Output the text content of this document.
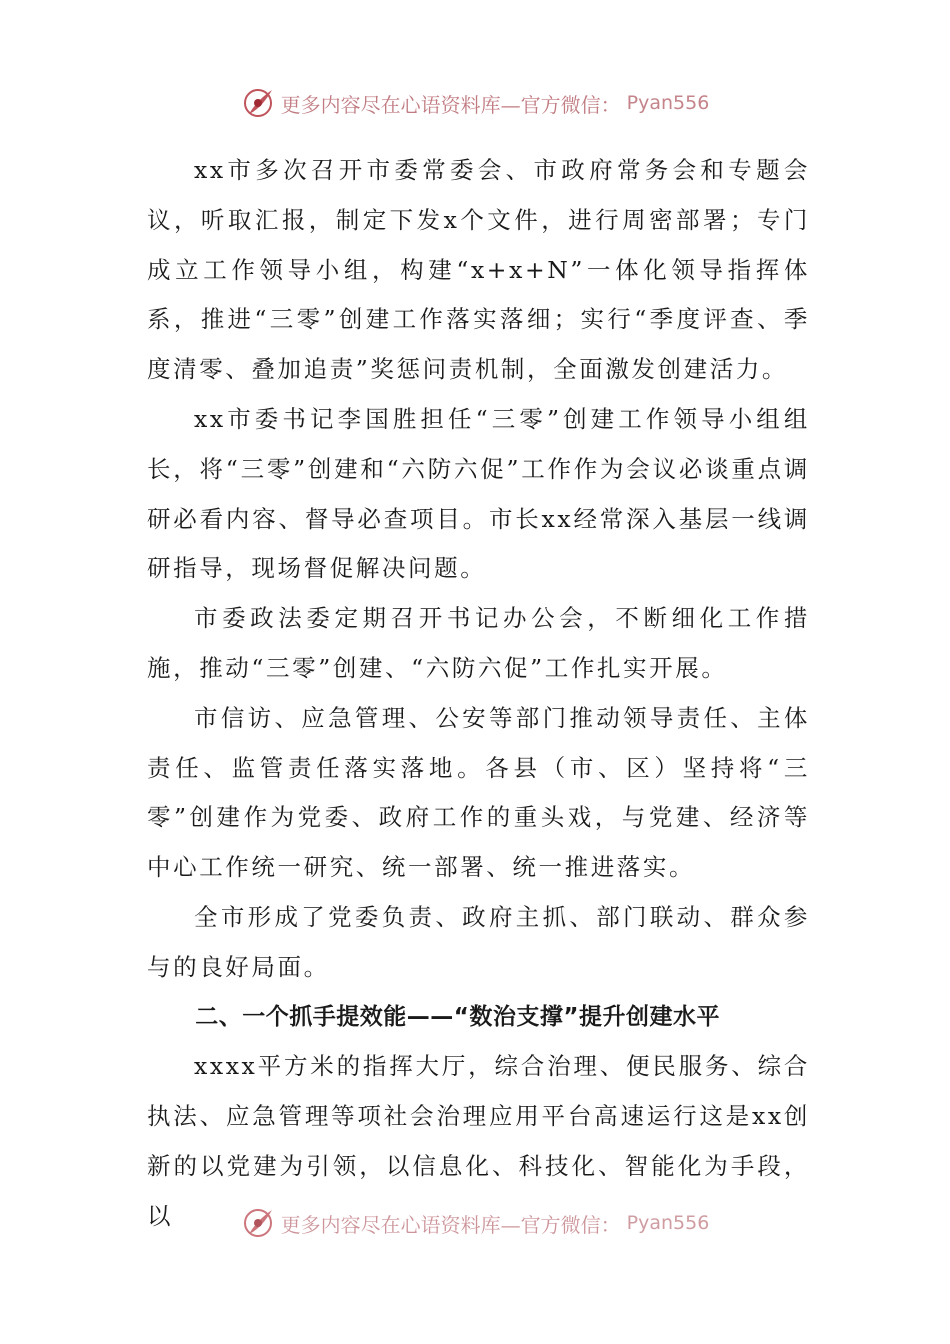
更多内容尽在心语资料库—官方微信： Pyan556

xx市多次召开市委常委会、市政府常务会和专题会议，听取汇报，制定下发x个文件，进行周密部署；专门成立工作领导小组，构建“x+x+N”一体化领导指挥体系，推进“三零”创建工作落实落细；实行“季度评查、季度清零、叠加追责”奖惩问责机制，全面激发创建活力。

xx市委书记李国胜担任“三零”创建工作领导小组组长，将“三零”创建和“六防六促”工作作为会议必谈重点调研必看内容、督导必查项目。市长xx经常深入基层一线调研指导，现场督促解决问题。

市委政法委定期召开书记办公会，不断细化工作措施，推动“三零”创建、“六防六促”工作扎实开展。

市信访、应急管理、公安等部门推动领导责任、主体责任、监管责任落实落地。各县（市、区）坚持将“三零”创建作为党委、政府工作的重头戏，与党建、经济等中心工作统一研究、统一部署、统一推进落实。

全市形成了党委负责、政府主抓、部门联动、群众参与的良好局面。

二、一个抓手提效能——“数治支撑”提升创建水平

xxxx平方米的指挥大厅，综合治理、便民服务、综合执法、应急管理等项社会治理应用平台高速运行这是xx创新的以党建为引领，以信息化、科技化、智能化为手段，以	更多内容尽在心语资料库—官方微信： Pyan556
